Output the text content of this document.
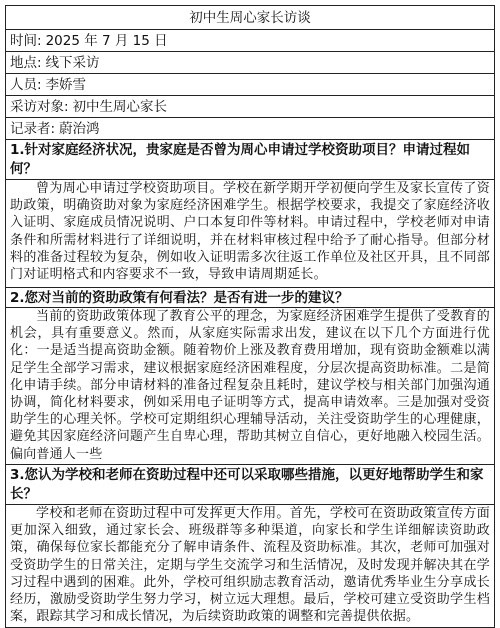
初中生周心家长访谈
时间: 2025 年 7 月 15 日
地点: 线下采访
人员: 李娇雪
采访对象: 初中生周心家长
记录者: 蔚治鸿
1.针对家庭经济状况，贵家庭是否曾为周心申请过学校资助项目？申请过程如何？
曾为周心申请过学校资助项目。学校在新学期开学初便向学生及家长宣传了资助政策，明确资助对象为家庭经济困难学生。根据学校要求，我提交了家庭经济收入证明、家庭成员情况说明、户口本复印件等材料。申请过程中，学校老师对申请条件和所需材料进行了详细说明，并在材料审核过程中给予了耐心指导。但部分材料的准备过程较为复杂，例如收入证明需多次往返工作单位及社区开具，且不同部门对证明格式和内容要求不一致，导致申请周期延长。
2.您对当前的资助政策有何看法？是否有进一步的建议？
当前的资助政策体现了教育公平的理念，为家庭经济困难学生提供了受教育的机会，具有重要意义。然而，从家庭实际需求出发，建议在以下几个方面进行优化：一是适当提高资助金额。随着物价上涨及教育费用增加，现有资助金额难以满足学生全部学习需求，建议根据家庭经济困难程度，分层次提高资助标准。二是简化申请手续。部分申请材料的准备过程复杂且耗时，建议学校与相关部门加强沟通协调，简化材料要求，例如采用电子证明等方式，提高申请效率。三是加强对受资助学生的心理关怀。学校可定期组织心理辅导活动，关注受资助学生的心理健康，避免其因家庭经济问题产生自卑心理，帮助其树立自信心，更好地融入校园生活。偏向普通人一些
3.您认为学校和老师在资助过程中还可以采取哪些措施，以更好地帮助学生和家长？
学校和老师在资助过程中可发挥更大作用。首先，学校可在资助政策宣传方面更加深入细致，通过家长会、班级群等多种渠道，向家长和学生详细解读资助政策，确保每位家长都能充分了解申请条件、流程及资助标准。其次，老师可加强对受资助学生的日常关注，定期与学生交流学习和生活情况，及时发现并解决其在学习过程中遇到的困难。此外，学校可组织励志教育活动，邀请优秀毕业生分享成长经历，激励受资助学生努力学习，树立远大理想。最后，学校可建立受资助学生档案，跟踪其学习和成长情况，为后续资助政策的调整和完善提供依据。
